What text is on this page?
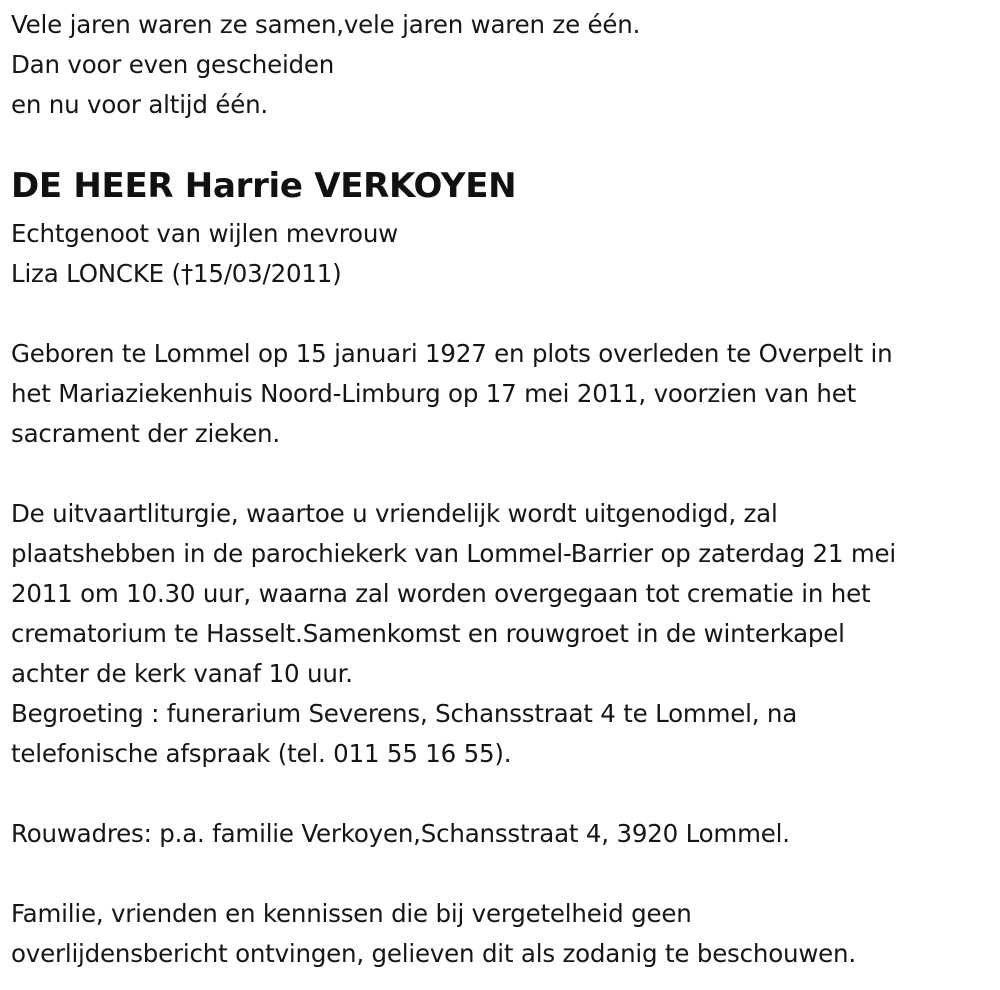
Vele jaren waren ze samen,vele jaren waren ze één.
Dan voor even gescheiden
en nu voor altijd één.
DE HEER Harrie VERKOYEN
Echtgenoot van wijlen mevrouw
Liza LONCKE (†15/03/2011)
Geboren te Lommel op 15 januari 1927 en plots overleden te Overpelt in
het Mariaziekenhuis Noord-Limburg op 17 mei 2011, voorzien van het
sacrament der zieken.
De uitvaartliturgie, waartoe u vriendelijk wordt uitgenodigd, zal
plaatshebben in de parochiekerk van Lommel-Barrier op zaterdag 21 mei
2011 om 10.30 uur, waarna zal worden overgegaan tot crematie in het
crematorium te Hasselt.Samenkomst en rouwgroet in de winterkapel
achter de kerk vanaf 10 uur.
Begroeting : funerarium Severens, Schansstraat 4 te Lommel, na
telefonische afspraak (tel. 011 55 16 55).
Rouwadres: p.a. familie Verkoyen,Schansstraat 4, 3920 Lommel.
Familie, vrienden en kennissen die bij vergetelheid geen
overlijdensbericht ontvingen, gelieven dit als zodanig te beschouwen.
